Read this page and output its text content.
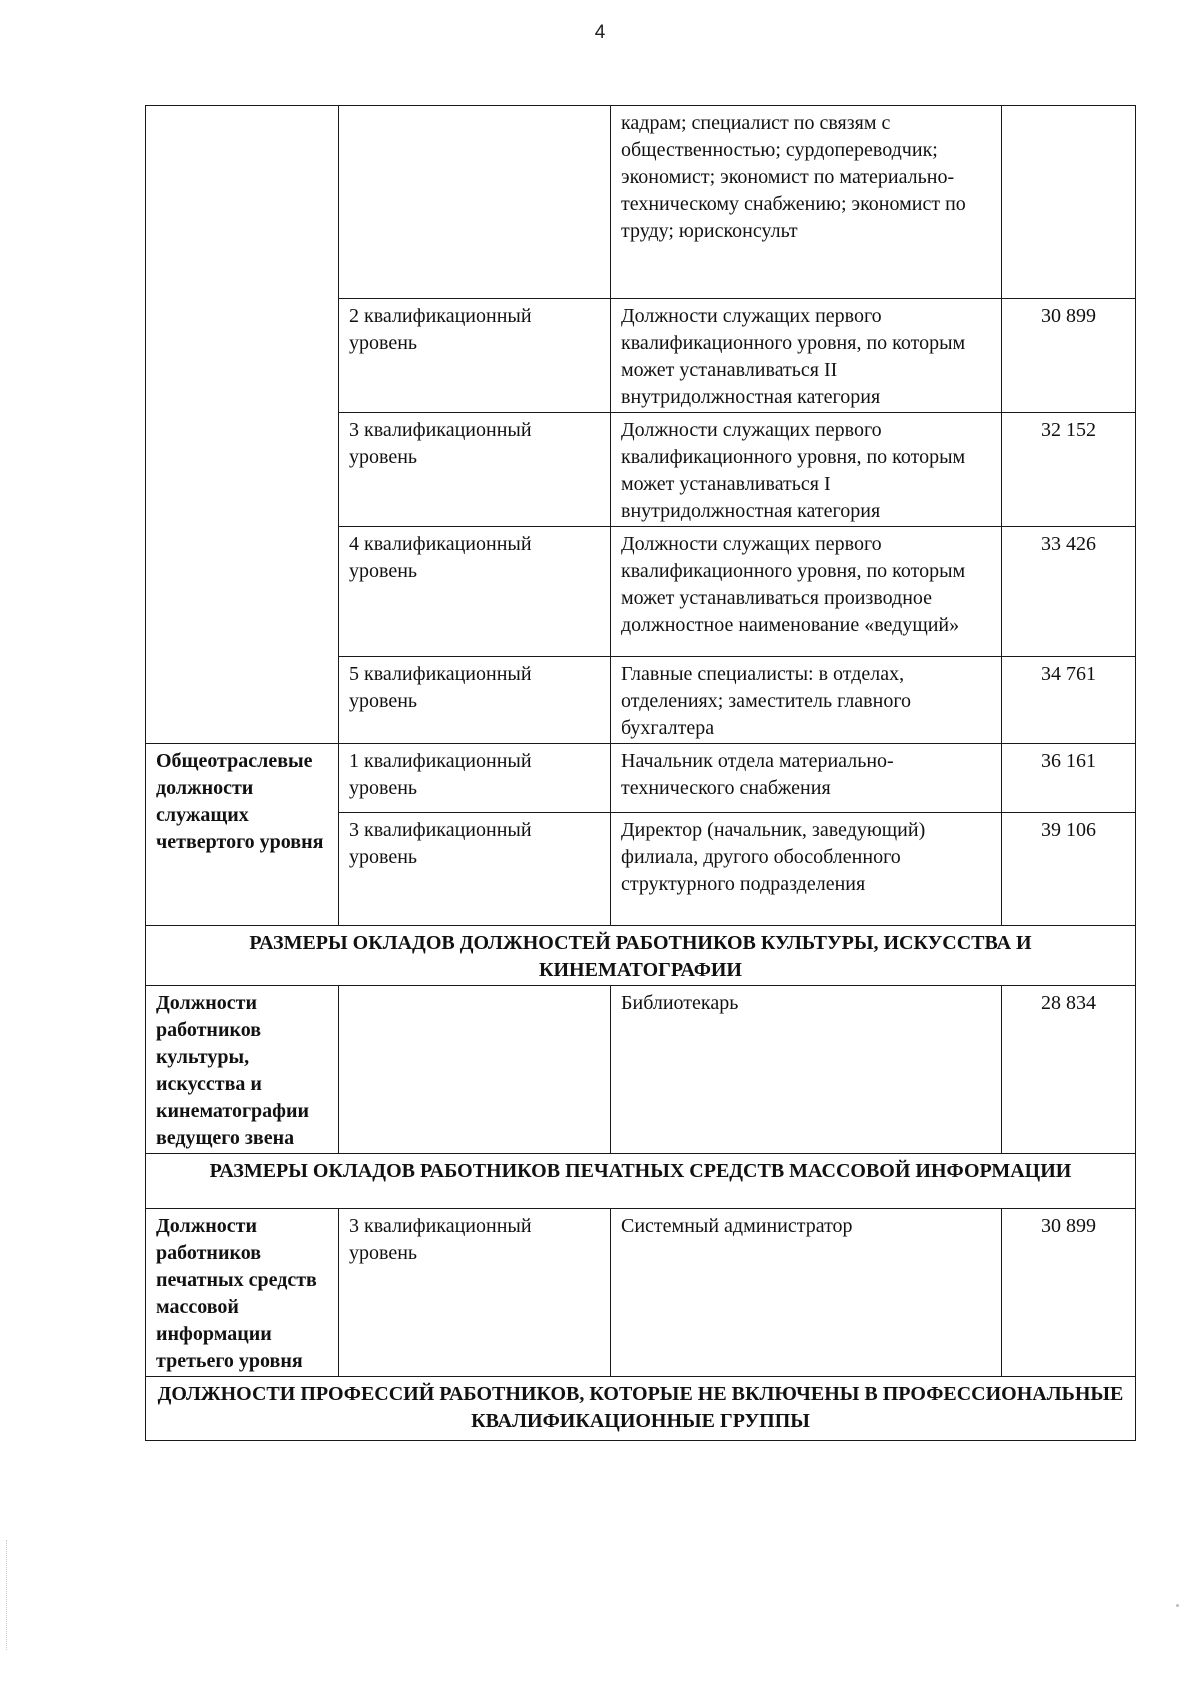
4
		кадрам; специалист по связям с общественностью; сурдопереводчик; экономист; экономист по материально-техническому снабжению; экономист по труду; юрисконсульт	
	2 квалификационный уровень	Должности служащих первого квалификационного уровня, по которым может устанавливаться II внутридолжностная категория	30 899
	3 квалификационный уровень	Должности служащих первого квалификационного уровня, по которым может устанавливаться I внутридолжностная категория	32 152
	4 квалификационный уровень	Должности служащих первого квалификационного уровня, по которым может устанавливаться производное должностное наименование «ведущий»	33 426
	5 квалификационный уровень	Главные специалисты: в отделах, отделениях; заместитель главного бухгалтера	34 761
Общеотраслевые должности служащих четвертого уровня	1 квалификационный уровень	Начальник отдела материально-технического снабжения	36 161
	3 квалификационный уровень	Директор (начальник, заведующий) филиала, другого обособленного структурного подразделения	39 106
РАЗМЕРЫ ОКЛАДОВ ДОЛЖНОСТЕЙ РАБОТНИКОВ КУЛЬТУРЫ, ИСКУССТВА И КИНЕМАТОГРАФИИ			
Должности работников культуры, искусства и кинематографии ведущего звена		Библиотекарь	28 834
РАЗМЕРЫ ОКЛАДОВ РАБОТНИКОВ ПЕЧАТНЫХ СРЕДСТВ МАССОВОЙ ИНФОРМАЦИИ			
Должности работников печатных средств массовой информации третьего уровня	3 квалификационный уровень	Системный администратор	30 899
ДОЛЖНОСТИ ПРОФЕССИЙ РАБОТНИКОВ, КОТОРЫЕ НЕ ВКЛЮЧЕНЫ В ПРОФЕССИОНАЛЬНЫЕ КВАЛИФИКАЦИОННЫЕ ГРУППЫ			
